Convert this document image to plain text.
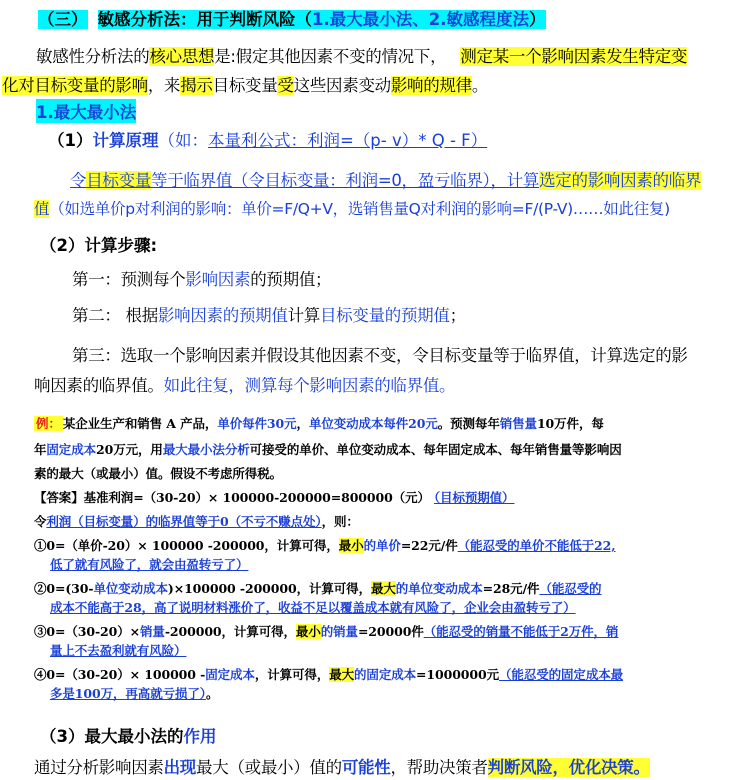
（三） 敏感分析法：用于判断风险（1.最大最小法、2.敏感程度法）
敏感性分析法的核心思想是:假定其他因素不变的情况下， 测定某一个影响因素发生特定变
化对目标变量的影响，来揭示目标变量受这些因素变动影响的规律。
1.最大最小法
（1）计算原理（如：本量利公式：利润=（p- v）* Q - F）
令目标变量等于临界值（令目标变量：利润=0，盈亏临界），计算选定的影响因素的临界
值（如选单价p对利润的影响：单价=F/Q+V，选销售量Q对利润的影响=F/(P-V)……如此往复)
（2）计算步骤:
第一：预测每个影响因素的预期值；
第二： 根据影响因素的预期值计算目标变量的预期值；
第三：选取一个影响因素并假设其他因素不变，令目标变量等于临界值，计算选定的影
响因素的临界值。如此往复，测算每个影响因素的临界值。
例： 某企业生产和销售 A 产品，单价每件30元，单位变动成本每件20元。预测每年销售量10万件，每
年固定成本20万元，用最大最小法分析可接受的单价、单位变动成本、每年固定成本、每年销售量等影响因
素的最大（或最小）值。假设不考虑所得税。
【答案】基准利润=（30-20）× 100000-200000=800000（元） （目标预期值）
令利润（目标变量）的临界值等于0（不亏不赚点处），则：
①0=（单价-20）× 100000 -200000，计算可得，最小的单价=22元/件（能忍受的单价不能低于22,
低了就有风险了，就会由盈转亏了）
②0=(30-单位变动成本)×100000 -200000，计算可得，最大的单位变动成本=28元/件（能忍受的
成本不能高于28，高了说明材料涨价了，收益不足以覆盖成本就有风险了，企业会由盈转亏了）
③0=（30-20）×销量-200000，计算可得，最小的销量=20000件（能忍受的销量不能低于2万件，销
量上不去盈利就有风险）
④0=（30-20）× 100000 -固定成本，计算可得，最大的固定成本=1000000元（能忍受的固定成本最
多是100万，再高就亏损了）。
（3）最大最小法的作用
通过分析影响因素出现最大（或最小）值的可能性，帮助决策者判断风险，优化决策。
